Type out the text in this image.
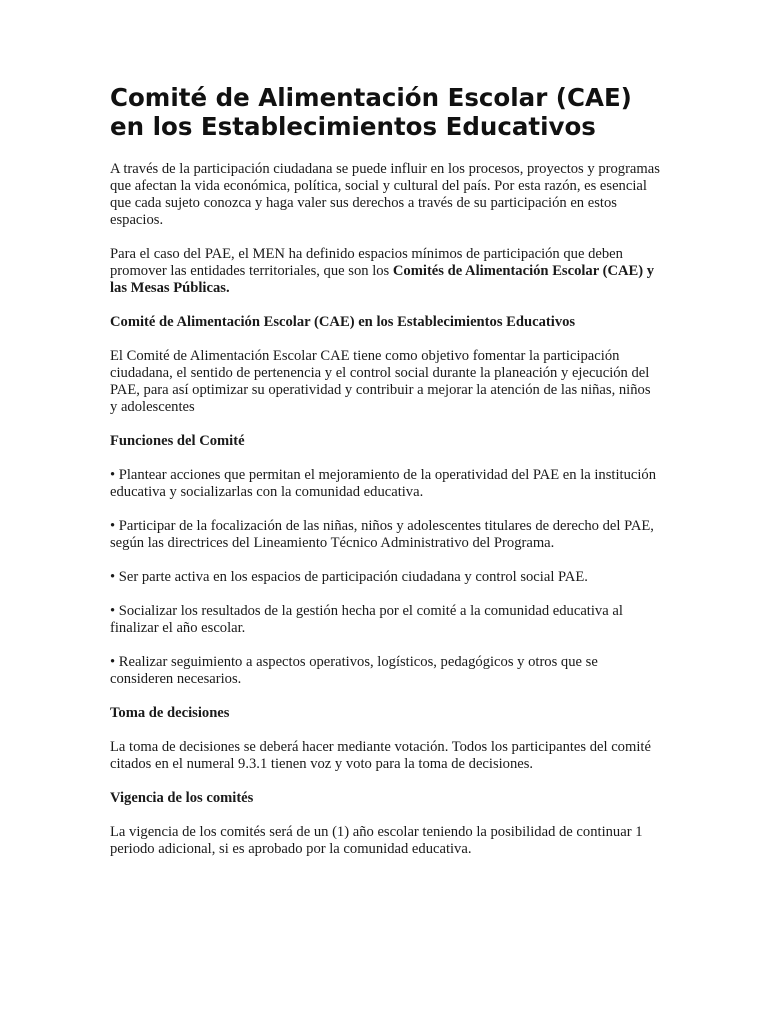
Comité de Alimentación Escolar (CAE) en los Establecimientos Educativos

A través de la participación ciudadana se puede influir en los procesos, proyectos y programas que afectan la vida económica, política, social y cultural del país. Por esta razón, es esencial que cada sujeto conozca y haga valer sus derechos a través de su participación en estos espacios.

Para el caso del PAE, el MEN ha definido espacios mínimos de participación que deben promover las entidades territoriales, que son los Comités de Alimentación Escolar (CAE) y las Mesas Públicas.

Comité de Alimentación Escolar (CAE) en los Establecimientos Educativos

El Comité de Alimentación Escolar CAE tiene como objetivo fomentar la participación ciudadana, el sentido de pertenencia y el control social durante la planeación y ejecución del PAE, para así optimizar su operatividad y contribuir a mejorar la atención de las niñas, niños y adolescentes

Funciones del Comité

• Plantear acciones que permitan el mejoramiento de la operatividad del PAE en la institución educativa y socializarlas con la comunidad educativa.

• Participar de la focalización de las niñas, niños y adolescentes titulares de derecho del PAE, según las directrices del Lineamiento Técnico Administrativo del Programa.

• Ser parte activa en los espacios de participación ciudadana y control social PAE.

• Socializar los resultados de la gestión hecha por el comité a la comunidad educativa al finalizar el año escolar.

• Realizar seguimiento a aspectos operativos, logísticos, pedagógicos y otros que se consideren necesarios.

Toma de decisiones

La toma de decisiones se deberá hacer mediante votación. Todos los participantes del comité citados en el numeral 9.3.1 tienen voz y voto para la toma de decisiones.

Vigencia de los comités

La vigencia de los comités será de un (1) año escolar teniendo la posibilidad de continuar 1 periodo adicional, si es aprobado por la comunidad educativa.
